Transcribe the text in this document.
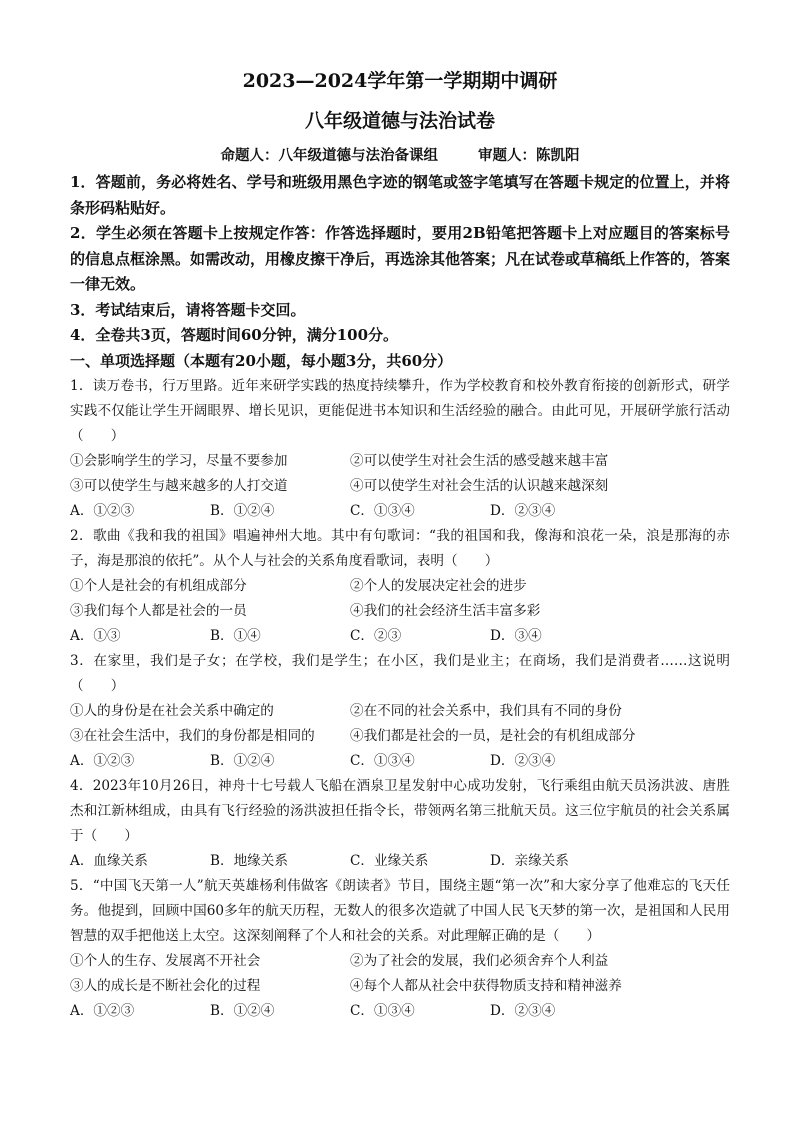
2023—2024学年第一学期期中调研
八年级道德与法治试卷
命题人：八年级道德与法治备课组	审题人：陈凯阳
1．答题前，务必将姓名、学号和班级用黑色字迹的钢笔或签字笔填写在答题卡规定的位置上，并将条形码粘贴好。
2．学生必须在答题卡上按规定作答：作答选择题时，要用2B铅笔把答题卡上对应题目的答案标号的信息点框涂黑。如需改动，用橡皮擦干净后，再选涂其他答案；凡在试卷或草稿纸上作答的，答案一律无效。
3．考试结束后，请将答题卡交回。
4．全卷共3页，答题时间60分钟，满分100分。
一、单项选择题（本题有20小题，每小题3分，共60分）
1．读万卷书，行万里路。近年来研学实践的热度持续攀升，作为学校教育和校外教育衔接的创新形式，研学实践不仅能让学生开阔眼界、增长见识，更能促进书本知识和生活经验的融合。由此可见，开展研学旅行活动（　　）
①会影响学生的学习，尽量不要参加	②可以使学生对社会生活的感受越来越丰富
③可以使学生与越来越多的人打交道	④可以使学生对社会生活的认识越来越深刻
A．①②③	B．①②④	C．①③④	D．②③④
2．歌曲《我和我的祖国》唱遍神州大地。其中有句歌词：“我的祖国和我，像海和浪花一朵，浪是那海的赤子，海是那浪的依托”。从个人与社会的关系角度看歌词，表明（　　）
①个人是社会的有机组成部分	②个人的发展决定社会的进步
③我们每个人都是社会的一员	④我们的社会经济生活丰富多彩
A．①③	B．①④	C．②③	D．③④
3．在家里，我们是子女；在学校，我们是学生；在小区，我们是业主；在商场，我们是消费者……这说明（　　）
①人的身份是在社会关系中确定的	②在不同的社会关系中，我们具有不同的身份
③在社会生活中，我们的身份都是相同的	④我们都是社会的一员，是社会的有机组成部分
A．①②③	B．①②④	C．①③④	D．②③④
4．2023年10月26日，神舟十七号载人飞船在酒泉卫星发射中心成功发射，飞行乘组由航天员汤洪波、唐胜杰和江新林组成，由具有飞行经验的汤洪波担任指令长，带领两名第三批航天员。这三位宇航员的社会关系属于（　　）
A．血缘关系	B．地缘关系	C．业缘关系	D．亲缘关系
5．“中国飞天第一人”航天英雄杨利伟做客《朗读者》节目，围绕主题“第一次”和大家分享了他难忘的飞天任务。他提到，回顾中国60多年的航天历程，无数人的很多次造就了中国人民飞天梦的第一次，是祖国和人民用智慧的双手把他送上太空。这深刻阐释了个人和社会的关系。对此理解正确的是（　　）
①个人的生存、发展离不开社会	②为了社会的发展，我们必须舍弃个人利益
③人的成长是不断社会化的过程	④每个人都从社会中获得物质支持和精神滋养
A．①②③	B．①②④	C．①③④	D．②③④
